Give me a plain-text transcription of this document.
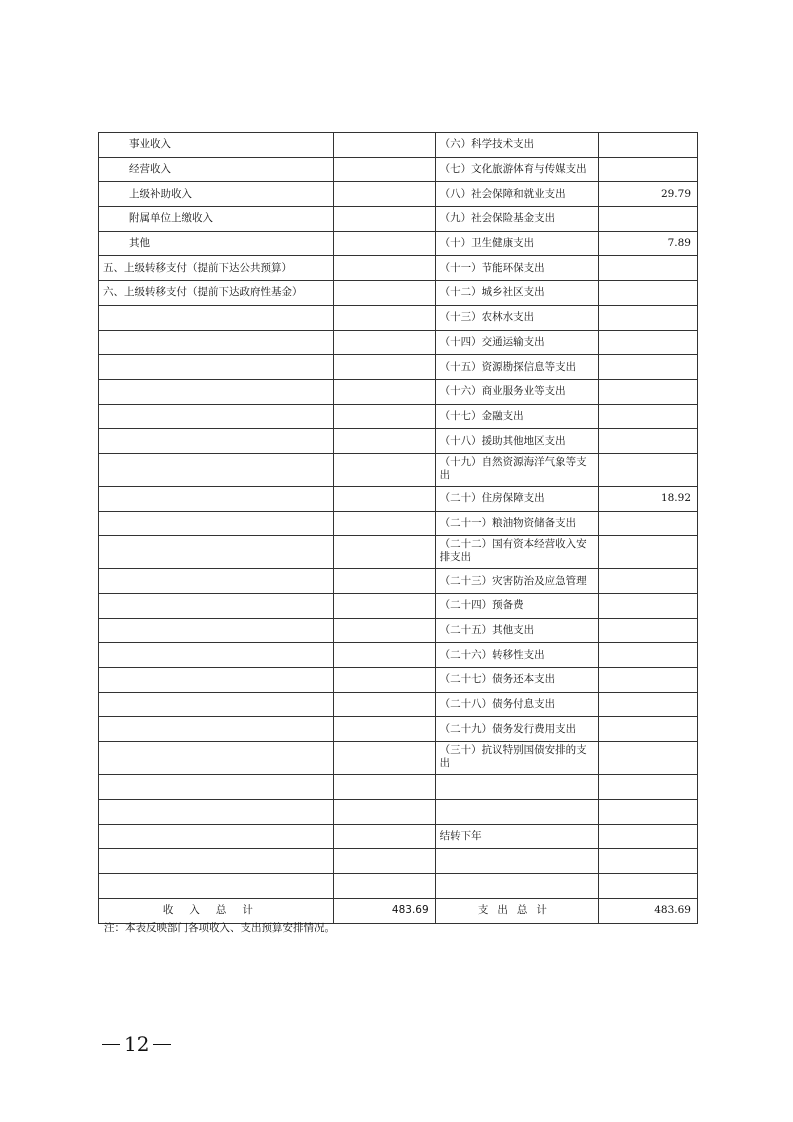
事业收入		（六）科学技术支出	
经营收入		（七）文化旅游体育与传媒支出	
上级补助收入		（八）社会保障和就业支出	29.79
附属单位上缴收入		（九）社会保险基金支出	
其他		（十）卫生健康支出	7.89
五、上级转移支付（提前下达公共预算）		（十一）节能环保支出	
六、上级转移支付（提前下达政府性基金）		（十二）城乡社区支出	
		（十三）农林水支出	
		（十四）交通运输支出	
		（十五）资源勘探信息等支出	
		（十六）商业服务业等支出	
		（十七）金融支出	
		（十八）援助其他地区支出	
		（十九）自然资源海洋气象等支出	
		（二十）住房保障支出	18.92
		（二十一）粮油物资储备支出	
		（二十二）国有资本经营收入安排支出	
		（二十三）灾害防治及应急管理	
		（二十四）预备费	
		（二十五）其他支出	
		（二十六）转移性支出	
		（二十七）债务还本支出	
		（二十八）债务付息支出	
		（二十九）债务发行费用支出	
		（三十）抗议特别国债安排的支出	

		结转下年	

收入总计	483.69	支出总计	483.69
注：本表反映部门各项收入、支出预算安排情况。
12
